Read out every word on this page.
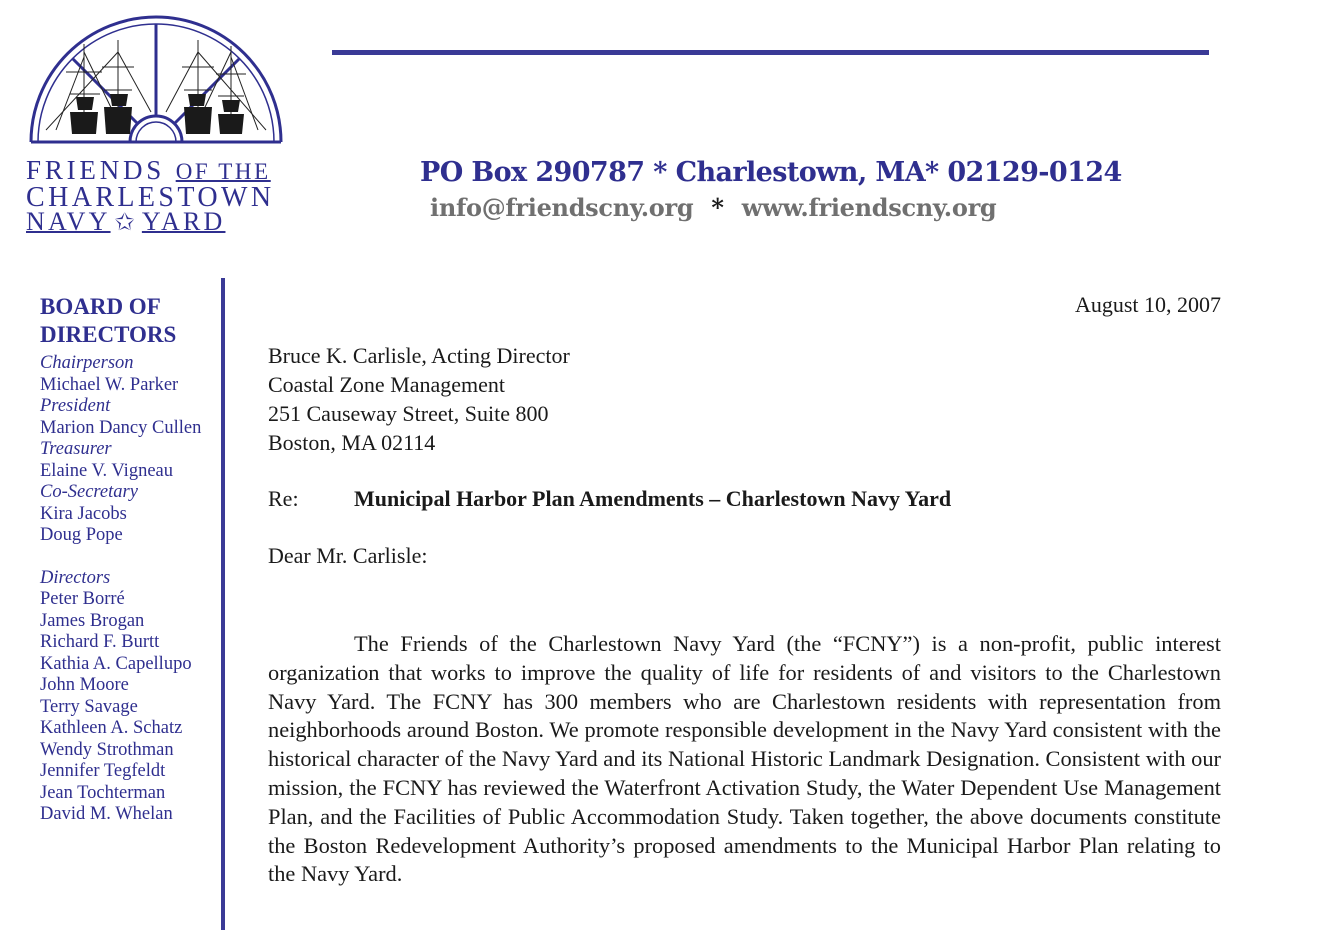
FRIENDS OF THE
CHARLESTOWN
NAVY ✩ YARD
PO Box 290787 * Charlestown, MA* 02129-0124
info@friendscny.org * www.friendscny.org
BOARD OF
DIRECTORS
Chairperson
Michael W. Parker
President
Marion Dancy Cullen
Treasurer
Elaine V. Vigneau
Co-Secretary
Kira Jacobs
Doug Pope
Directors
Peter Borré
James Brogan
Richard F. Burtt
Kathia A. Capellupo
John Moore
Terry Savage
Kathleen A. Schatz
Wendy Strothman
Jennifer Tegfeldt
Jean Tochterman
David M. Whelan
August 10, 2007
Bruce K. Carlisle, Acting Director
Coastal Zone Management
251 Causeway Street, Suite 800
Boston, MA 02114
Re:	Municipal Harbor Plan Amendments – Charlestown Navy Yard
Dear Mr. Carlisle:

The Friends of the Charlestown Navy Yard (the “FCNY”) is a non-profit, public interest organization that works to improve the quality of life for residents of and visitors to the Charlestown Navy Yard. The FCNY has 300 members who are Charlestown residents with representation from neighborhoods around Boston. We promote responsible development in the Navy Yard consistent with the historical character of the Navy Yard and its National Historic Landmark Designation. Consistent with our mission, the FCNY has reviewed the Waterfront Activation Study, the Water Dependent Use Management Plan, and the Facilities of Public Accommodation Study. Taken together, the above documents constitute the Boston Redevelopment Authority’s proposed amendments to the Municipal Harbor Plan relating to the Navy Yard.
